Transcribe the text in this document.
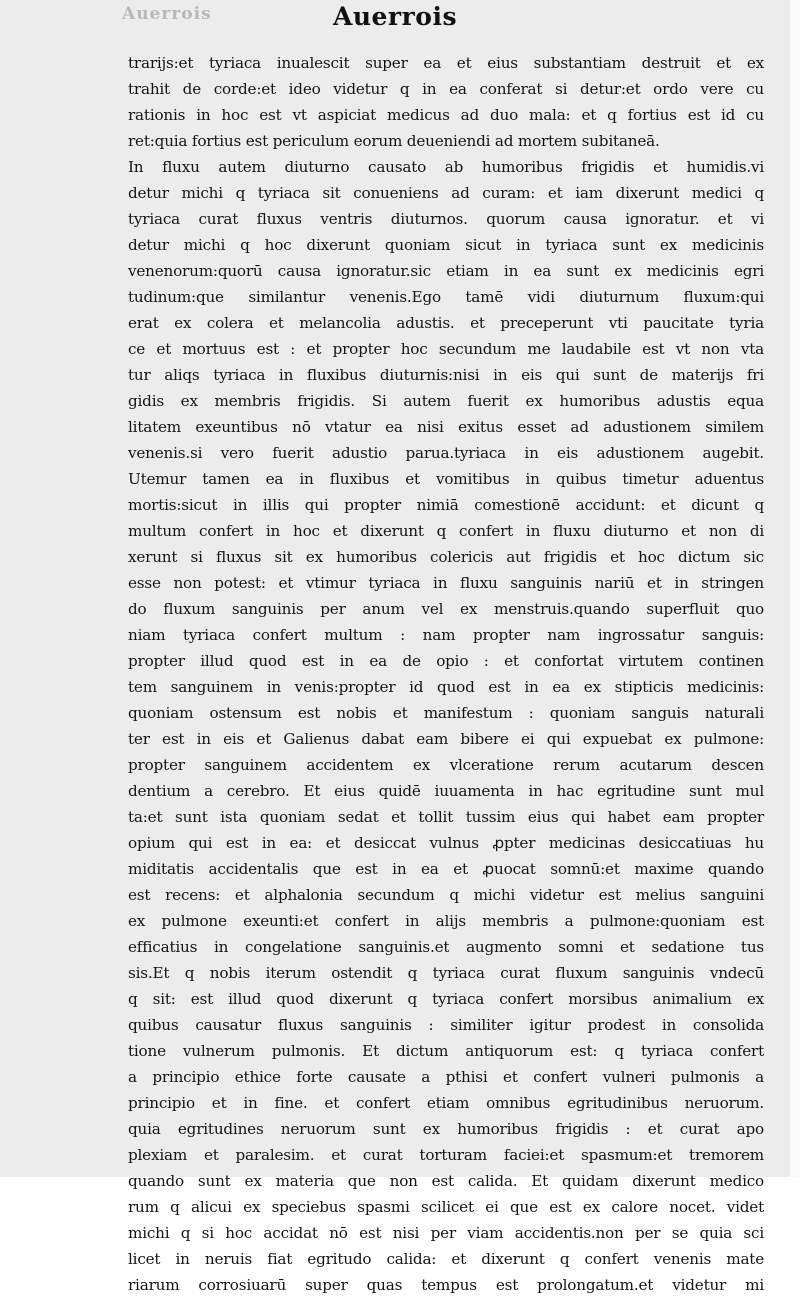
Auerrois	Auerrois
trarijs:et tyriaca inualescit super ea et eius substantiam destruit et ex
trahit de corde:et ideo videtur q in ea conferat si detur:et ordo vere cu
rationis in hoc est vt aspiciat medicus ad duo mala: et q fortius est id cu
ret:quia fortius est periculum eorum deueniendi ad mortem subitaneā.
In fluxu autem diuturno causato ab humoribus frigidis et humidis.vi
detur michi q tyriaca sit conueniens ad curam: et iam dixerunt medici q
tyriaca curat fluxus ventris diuturnos. quorum causa ignoratur. et vi
detur michi q hoc dixerunt quoniam sicut in tyriaca sunt ex medicinis
venenorum:quorū causa ignoratur.sic etiam in ea sunt ex medicinis egri
tudinum:que similantur venenis.Ego tamē vidi diuturnum fluxum:qui
erat ex colera et melancolia adustis. et preceperunt vti paucitate tyria
ce et mortuus est : et propter hoc secundum me laudabile est vt non vta
tur aliqs tyriaca in fluxibus diuturnis:nisi in eis qui sunt de materijs fri
gidis ex membris frigidis. Si autem fuerit ex humoribus adustis equa
litatem exeuntibus nō vtatur ea nisi exitus esset ad adustionem similem
venenis.si vero fuerit adustio parua.tyriaca in eis adustionem augebit.
Utemur tamen ea in fluxibus et vomitibus in quibus timetur aduentus
mortis:sicut in illis qui propter nimiā comestionē accidunt: et dicunt q
multum confert in hoc et dixerunt q confert in fluxu diuturno et non di
xerunt si fluxus sit ex humoribus colericis aut frigidis et hoc dictum sic
esse non potest: et vtimur tyriaca in fluxu sanguinis nariū et in stringen
do fluxum sanguinis per anum vel ex menstruis.quando superfluit quo
niam tyriaca confert multum : nam propter nam ingrossatur sanguis:
propter illud quod est in ea de opio : et confortat virtutem continen
tem sanguinem in venis:propter id quod est in ea ex stipticis medicinis:
quoniam ostensum est nobis et manifestum : quoniam sanguis naturali
ter est in eis et Galienus dabat eam bibere ei qui expuebat ex pulmone:
propter sanguinem accidentem ex vlceratione rerum acutarum descen
dentium a cerebro. Et eius quidē iuuamenta in hac egritudine sunt mul
ta:et sunt ista quoniam sedat et tollit tussim eius qui habet eam propter
opium qui est in ea: et desiccat vulnus ꝓpter medicinas desiccatiuas hu
miditatis accidentalis que est in ea et ꝓuocat somnū:et maxime quando
est recens: et alphalonia secundum q michi videtur est melius sanguini
ex pulmone exeunti:et confert in alijs membris a pulmone:quoniam est
efficatius in congelatione sanguinis.et augmento somni et sedatione tus
sis.Et q nobis iterum ostendit q tyriaca curat fluxum sanguinis vndecū
q sit: est illud quod dixerunt q tyriaca confert morsibus animalium ex
quibus causatur fluxus sanguinis : similiter igitur prodest in consolida
tione vulnerum pulmonis. Et dictum antiquorum est: q tyriaca confert
a principio ethice forte causate a pthisi et confert vulneri pulmonis a
principio et in fine. et confert etiam omnibus egritudinibus neruorum.
quia egritudines neruorum sunt ex humoribus frigidis : et curat apo
plexiam et paralesim. et curat torturam faciei:et spasmum:et tremorem
quando sunt ex materia que non est calida. Et quidam dixerunt medico
rum q alicui ex speciebus spasmi scilicet ei que est ex calore nocet. videt
michi q si hoc accidat nō est nisi per viam accidentis.non per se quia sci
licet in neruis fiat egritudo calida: et dixerunt q confert venenis mate
riarum corrosiuarū super quas tempus est prolongatum.et videtur mi
